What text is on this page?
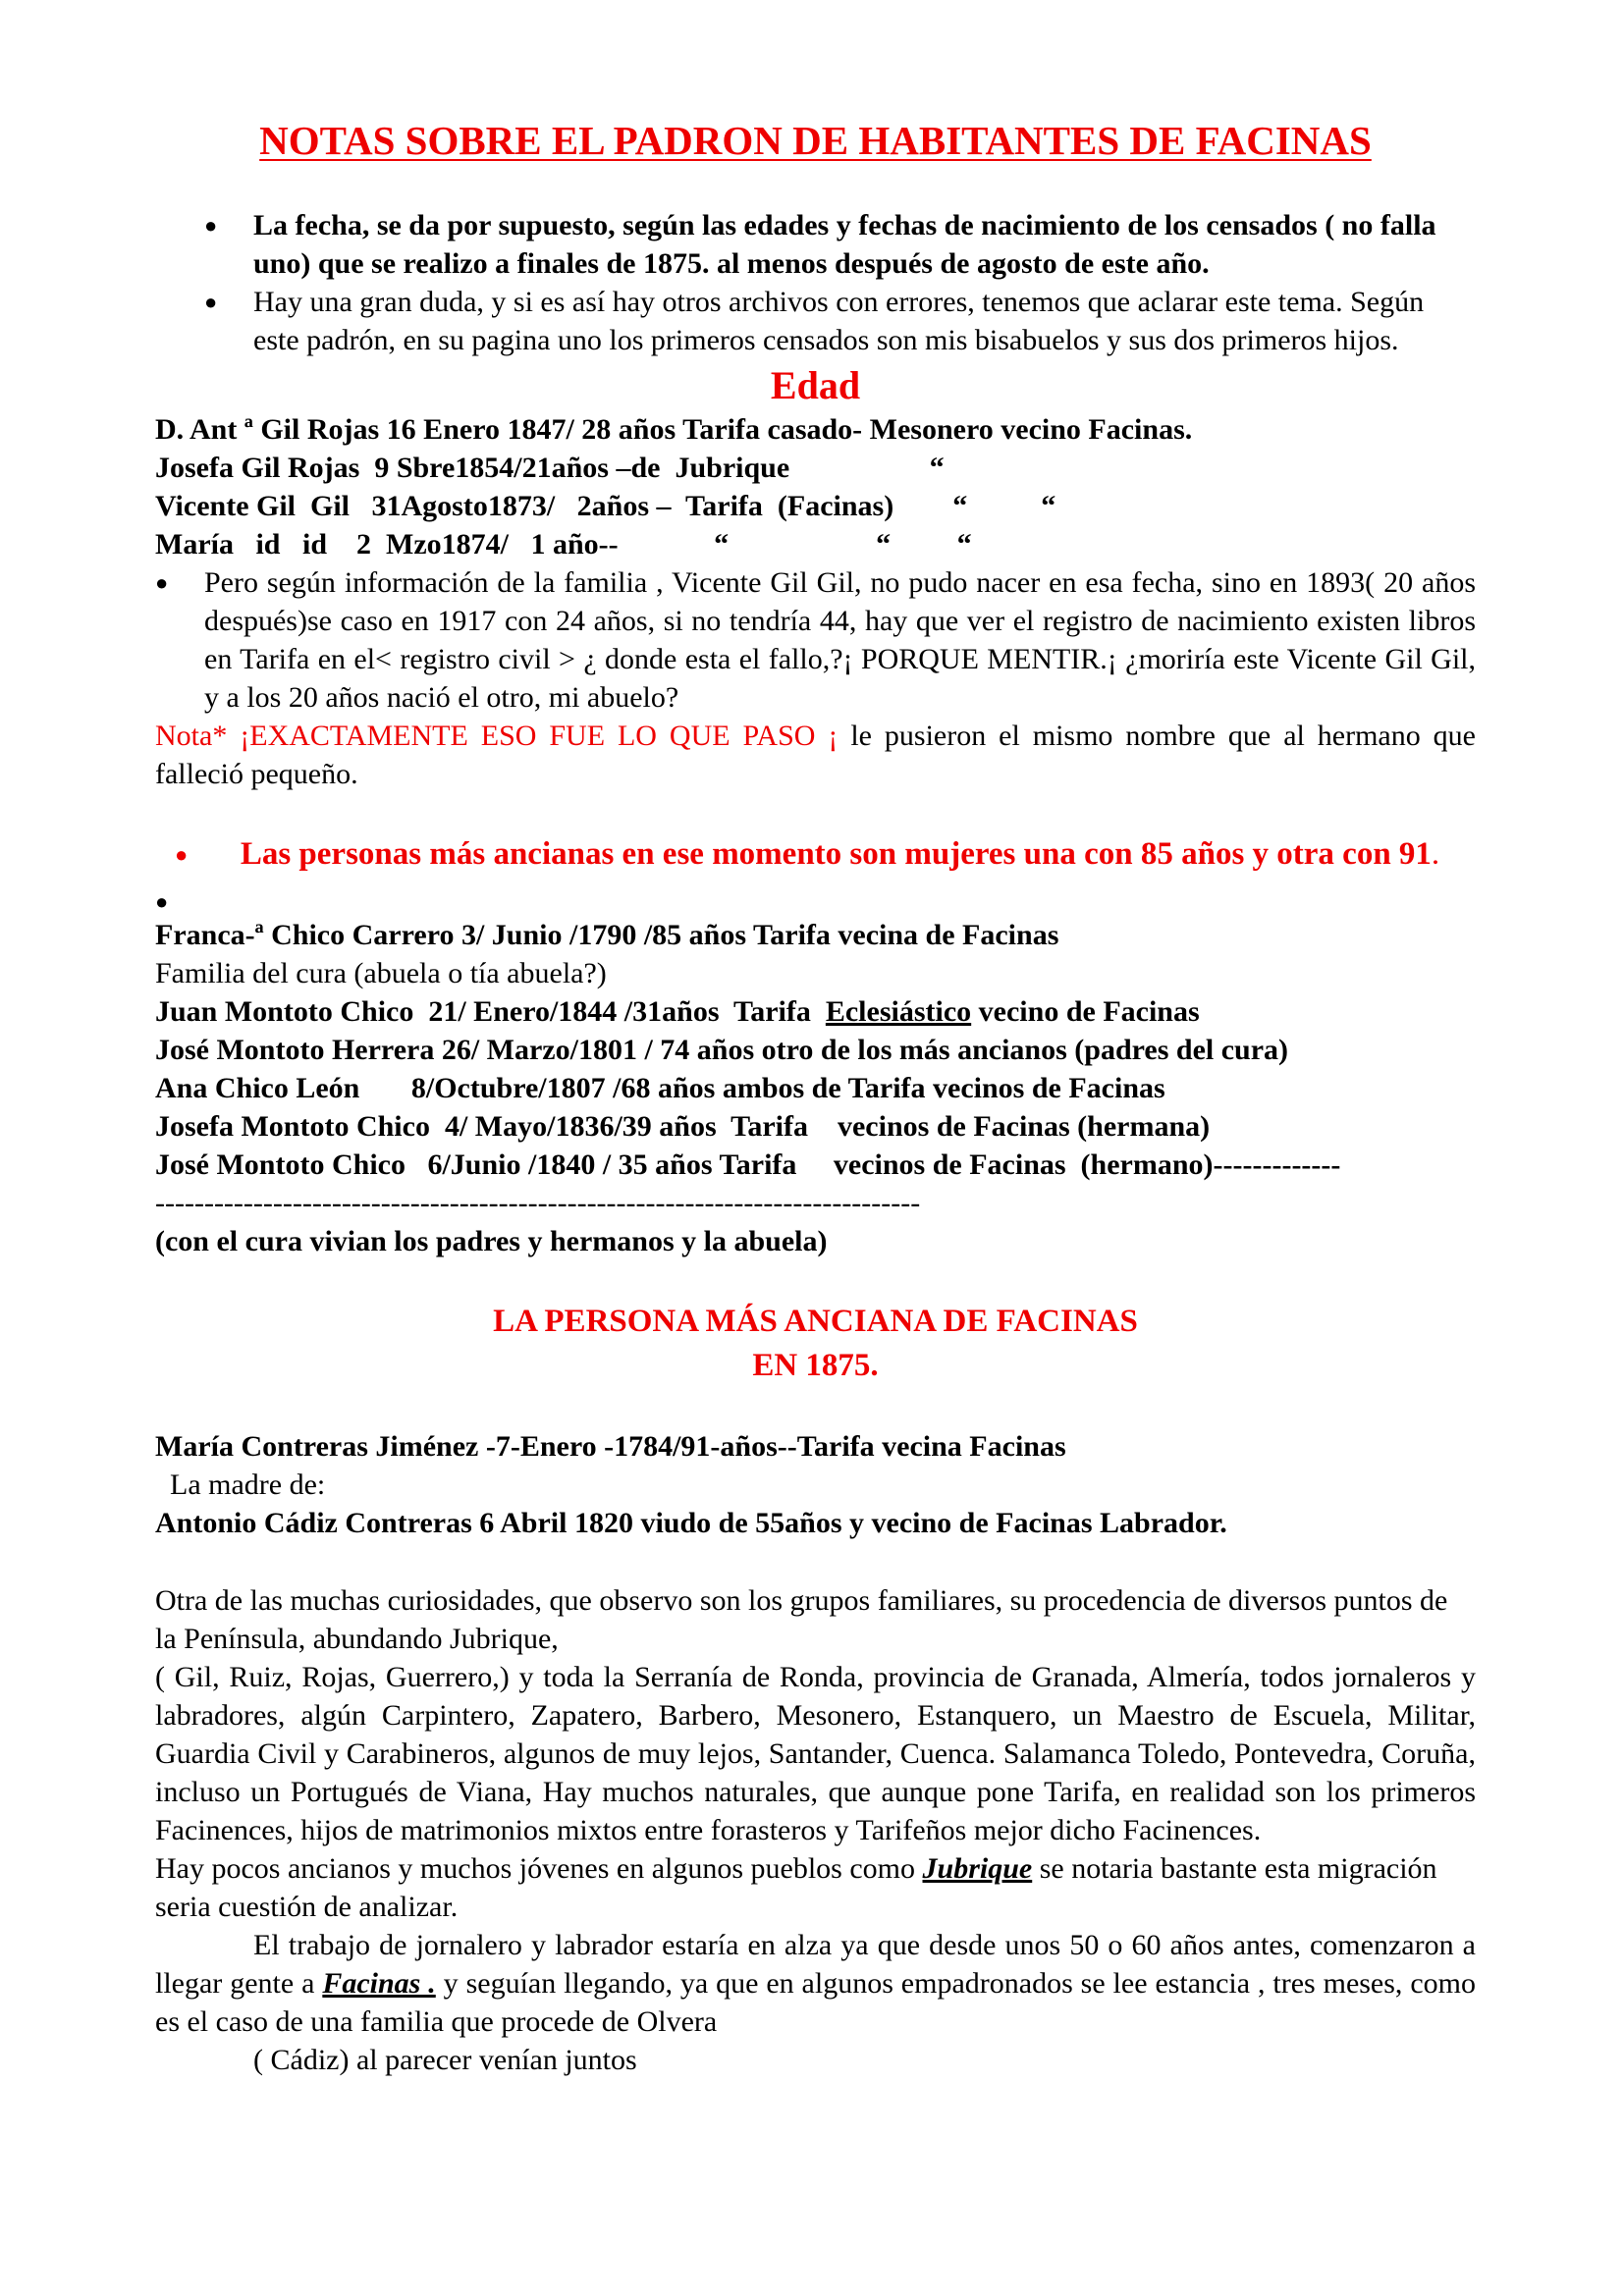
NOTAS SOBRE EL PADRON DE HABITANTES DE FACINAS
● La fecha, se da por supuesto, según las edades y fechas de nacimiento de los censados ( no falla uno) que se realizo a finales de 1875. al menos después de agosto de este año.
● Hay una gran duda, y si es así hay otros archivos con errores, tenemos que aclarar este tema. Según este padrón, en su pagina uno los primeros censados son mis bisabuelos y sus dos primeros hijos.
Edad

D. Ant ª Gil Rojas 16 Enero 1847/ 28 años Tarifa casado- Mesonero vecino Facinas.

Josefa Gil Rojas  9 Sbre1854/21años –de  Jubrique                   “

Vicente Gil  Gil   31Agosto1873/   2años –  Tarifa  (Facinas)        “          “

María   id   id    2  Mzo1874/   1 año--             “                    “         “

● Pero según información de la familia , Vicente Gil Gil, no pudo nacer en esa fecha, sino en 1893( 20 años después)se caso en 1917 con 24 años, si no tendría 44, hay que ver el registro de nacimiento existen libros en Tarifa en el< registro civil > ¿ donde esta el fallo,?¡ PORQUE MENTIR.¡ ¿moriría este Vicente Gil Gil, y a los 20 años nació el otro, mi abuelo?

Nota* ¡EXACTAMENTE ESO FUE LO QUE PASO ¡ le pusieron el mismo nombre que al hermano que falleció pequeño.

● Las personas más ancianas en ese momento son mujeres una con 85 años y otra con 91.
●

Franca-ª Chico Carrero 3/ Junio /1790 /85 años Tarifa vecina de Facinas

Familia del cura (abuela o tía abuela?)

Juan Montoto Chico  21/ Enero/1844 /31años  Tarifa  Eclesiástico vecino de Facinas

José Montoto Herrera 26/ Marzo/1801 / 74 años otro de los más ancianos (padres del cura)

Ana Chico León       8/Octubre/1807 /68 años ambos de Tarifa vecinos de Facinas

Josefa Montoto Chico  4/ Mayo/1836/39 años  Tarifa    vecinos de Facinas (hermana)

José Montoto Chico   6/Junio /1840 / 35 años Tarifa     vecinos de Facinas  (hermano)-------------

------------------------------------------------------------------------------

(con el cura vivian los padres y hermanos y la abuela)

LA PERSONA MÁS ANCIANA DE FACINAS
EN 1875.

María Contreras Jiménez -7-Enero -1784/91-años--Tarifa vecina Facinas

La madre de:

Antonio Cádiz Contreras 6 Abril 1820 viudo de 55años y vecino de Facinas Labrador.

Otra de las muchas curiosidades, que observo son los grupos familiares, su procedencia de diversos puntos de la Península, abundando Jubrique,

( Gil, Ruiz, Rojas, Guerrero,) y toda la Serranía de Ronda, provincia de Granada, Almería, todos jornaleros y labradores, algún Carpintero, Zapatero, Barbero, Mesonero, Estanquero, un Maestro de Escuela, Militar, Guardia Civil y Carabineros, algunos de muy lejos, Santander, Cuenca. Salamanca Toledo, Pontevedra, Coruña, incluso un Portugués de Viana, Hay muchos naturales, que aunque pone Tarifa, en realidad son los primeros Facinences, hijos de matrimonios mixtos entre forasteros y Tarifeños mejor dicho Facinences.

Hay pocos ancianos y muchos jóvenes en algunos pueblos como Jubrique se notaria bastante esta migración seria cuestión de analizar.

El trabajo de jornalero y labrador estaría en alza ya que desde unos 50 o 60 años antes, comenzaron a llegar gente a Facinas . y seguían llegando, ya que en algunos empadronados se lee estancia , tres meses, como es el caso de una familia que procede de Olvera

( Cádiz) al parecer venían juntos
